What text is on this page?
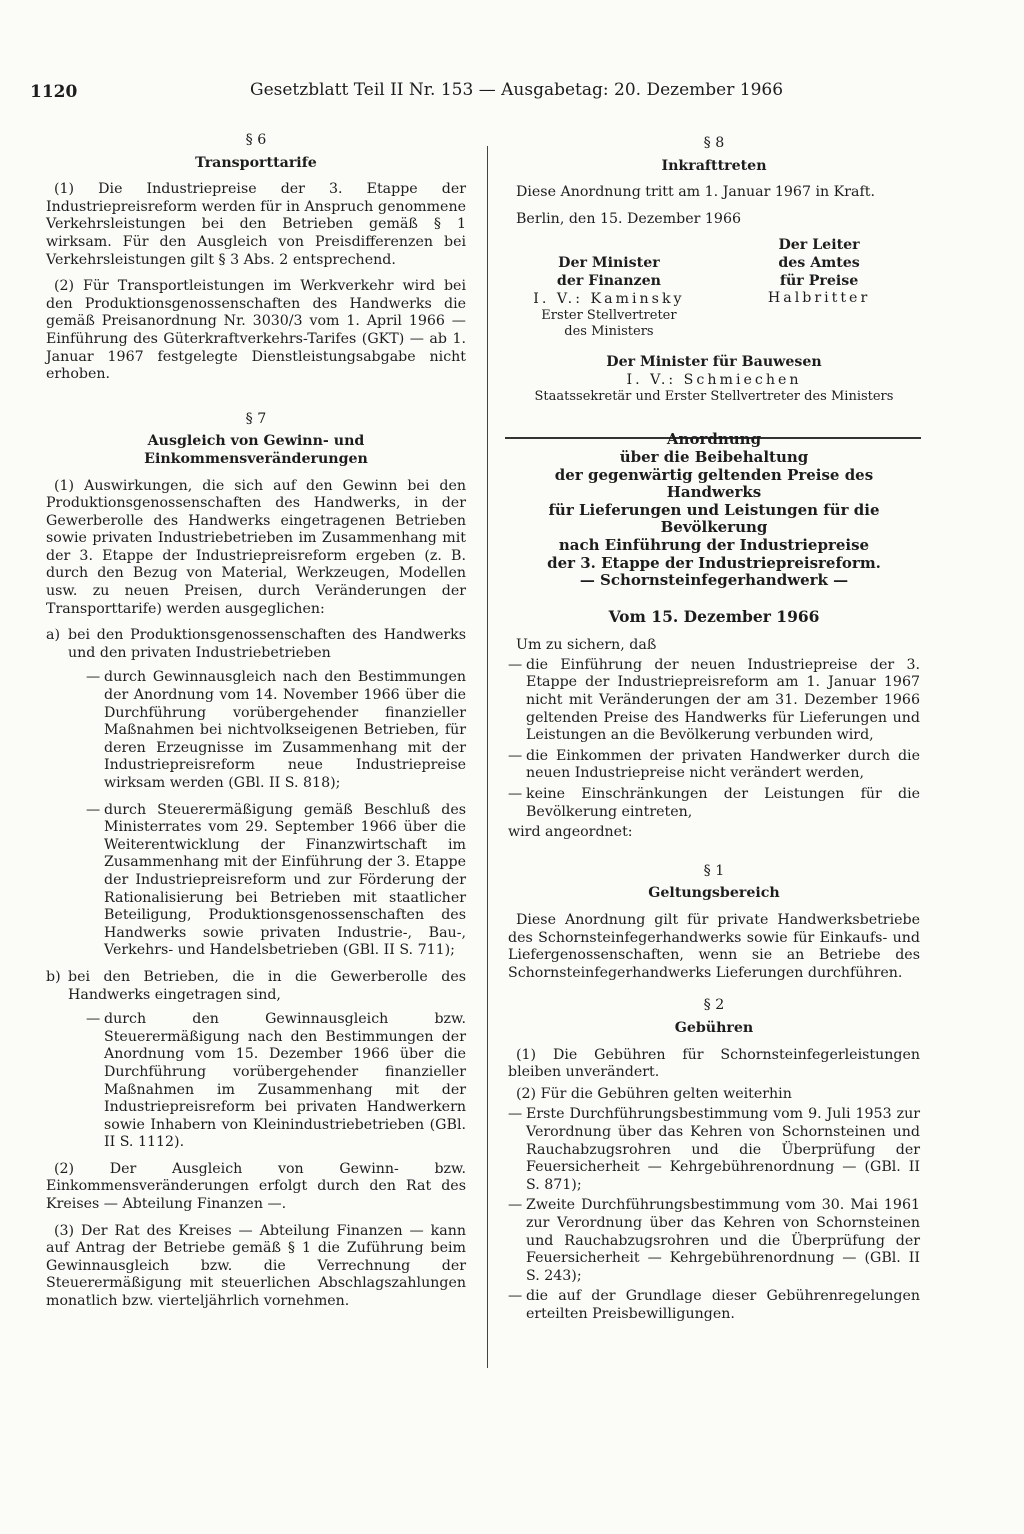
1120	Gesetzblatt Teil II Nr. 153 — Ausgabetag: 20. Dezember 1966
§ 6
Transporttarife

(1) Die Industriepreise der 3. Etappe der Industriepreisreform werden für in Anspruch genommene Verkehrsleistungen bei den Betrieben gemäß § 1 wirksam. Für den Ausgleich von Preisdifferenzen bei Verkehrsleistungen gilt § 3 Abs. 2 entsprechend.

(2) Für Transportleistungen im Werkverkehr wird bei den Produktionsgenossenschaften des Handwerks die gemäß Preisanordnung Nr. 3030/3 vom 1. April 1966 — Einführung des Güterkraftverkehrs-Tarifes (GKT) — ab 1. Januar 1967 festgelegte Dienstleistungsabgabe nicht erhoben.

§ 7
Ausgleich von Gewinn- und Einkommensveränderungen

(1) Auswirkungen, die sich auf den Gewinn bei den Produktionsgenossenschaften des Handwerks, in der Gewerberolle des Handwerks eingetragenen Betrieben sowie privaten Industriebetrieben im Zusammenhang mit der 3. Etappe der Industriepreisreform ergeben (z. B. durch den Bezug von Material, Werkzeugen, Modellen usw. zu neuen Preisen, durch Veränderungen der Transporttarife) werden ausgeglichen:

a) bei den Produktionsgenossenschaften des Handwerks und den privaten Industriebetrieben
— durch Gewinnausgleich nach den Bestimmungen der Anordnung vom 14. November 1966 über die Durchführung vorübergehender finanzieller Maßnahmen bei nichtvolkseigenen Betrieben, für deren Erzeugnisse im Zusammenhang mit der Industriepreisreform neue Industriepreise wirksam werden (GBl. II S. 818);
— durch Steuerermäßigung gemäß Beschluß des Ministerrates vom 29. September 1966 über die Weiterentwicklung der Finanzwirtschaft im Zusammenhang mit der Einführung der 3. Etappe der Industriepreisreform und zur Förderung der Rationalisierung bei Betrieben mit staatlicher Beteiligung, Produktionsgenossenschaften des Handwerks sowie privaten Industrie-, Bau-, Verkehrs- und Handelsbetrieben (GBl. II S. 711);
b) bei den Betrieben, die in die Gewerberolle des Handwerks eingetragen sind,
— durch den Gewinnausgleich bzw. Steuerermäßigung nach den Bestimmungen der Anordnung vom 15. Dezember 1966 über die Durchführung vorübergehender finanzieller Maßnahmen im Zusammenhang mit der Industriepreisreform bei privaten Handwerkern sowie Inhabern von Kleinindustriebetrieben (GBl. II S. 1112).

(2) Der Ausgleich von Gewinn- bzw. Einkommensveränderungen erfolgt durch den Rat des Kreises — Abteilung Finanzen —.

(3) Der Rat des Kreises — Abteilung Finanzen — kann auf Antrag der Betriebe gemäß § 1 die Zuführung beim Gewinnausgleich bzw. die Verrechnung der Steuerermäßigung mit steuerlichen Abschlagszahlungen monatlich bzw. vierteljährlich vornehmen.

§ 8
Inkrafttreten

Diese Anordnung tritt am 1. Januar 1967 in Kraft.

Berlin, den 15. Dezember 1966

Der Minister
der Finanzen
I. V.: Kaminsky
Erster Stellvertreter
des Ministers
Der Leiter
des Amtes
für Preise
Halbritter
Der Minister für Bauwesen
I. V.: Schmiechen
Staatssekretär und Erster Stellvertreter des Ministers
Anordnung
über die Beibehaltung
der gegenwärtig geltenden Preise des Handwerks
für Lieferungen und Leistungen für die Bevölkerung
nach Einführung der Industriepreise
der 3. Etappe der Industriepreisreform.
— Schornsteinfegerhandwerk —
Vom 15. Dezember 1966

Um zu sichern, daß

— die Einführung der neuen Industriepreise der 3. Etappe der Industriepreisreform am 1. Januar 1967 nicht mit Veränderungen der am 31. Dezember 1966 geltenden Preise des Handwerks für Lieferungen und Leistungen an die Bevölkerung verbunden wird,
— die Einkommen der privaten Handwerker durch die neuen Industriepreise nicht verändert werden,
— keine Einschränkungen der Leistungen für die Bevölkerung eintreten,

wird angeordnet:

§ 1
Geltungsbereich

Diese Anordnung gilt für private Handwerksbetriebe des Schornsteinfegerhandwerks sowie für Einkaufs- und Liefergenossenschaften, wenn sie an Betriebe des Schornsteinfegerhandwerks Lieferungen durchführen.

§ 2
Gebühren

(1) Die Gebühren für Schornsteinfegerleistungen bleiben unverändert.

(2) Für die Gebühren gelten weiterhin

— Erste Durchführungsbestimmung vom 9. Juli 1953 zur Verordnung über das Kehren von Schornsteinen und Rauchabzugsrohren und die Überprüfung der Feuersicherheit — Kehrgebührenordnung — (GBl. II S. 871);
— Zweite Durchführungsbestimmung vom 30. Mai 1961 zur Verordnung über das Kehren von Schornsteinen und Rauchabzugsrohren und die Überprüfung der Feuersicherheit — Kehrgebührenordnung — (GBl. II S. 243);
— die auf der Grundlage dieser Gebührenregelungen erteilten Preisbewilligungen.
